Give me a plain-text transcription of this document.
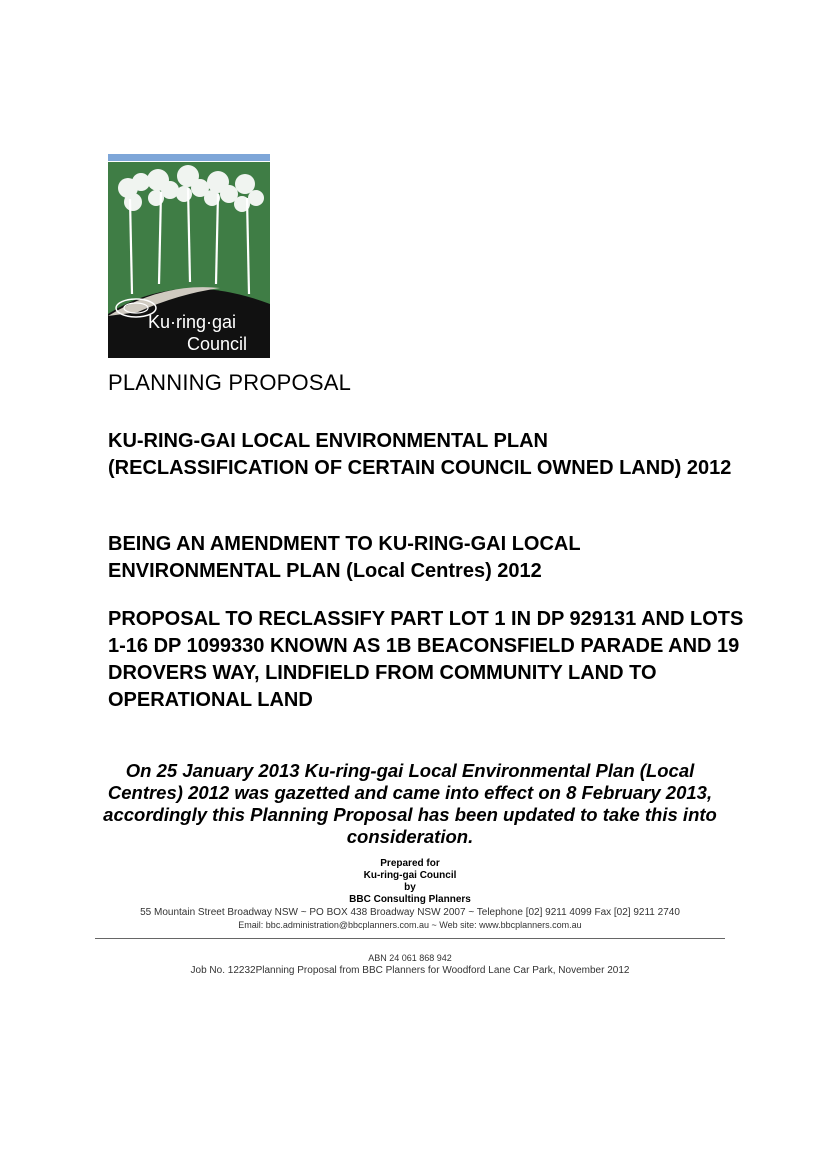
Ku·ring·gai
Council
PLANNING PROPOSAL
KU-RING-GAI LOCAL ENVIRONMENTAL PLAN (RECLASSIFICATION OF CERTAIN COUNCIL OWNED LAND) 2012
BEING AN AMENDMENT TO KU-RING-GAI LOCAL ENVIRONMENTAL PLAN (Local Centres) 2012
PROPOSAL TO RECLASSIFY PART LOT 1 IN DP 929131 AND LOTS 1-16 DP 1099330 KNOWN AS 1B BEACONSFIELD PARADE AND 19 DROVERS WAY, LINDFIELD FROM COMMUNITY LAND TO OPERATIONAL LAND

On 25 January 2013 Ku-ring-gai Local Environmental Plan (Local Centres) 2012 was gazetted and came into effect on 8 February 2013, accordingly this Planning Proposal has been updated to take this into consideration.

Prepared for
Ku-ring-gai Council
by
BBC Consulting Planners
55 Mountain Street Broadway NSW ~ PO BOX 438 Broadway NSW 2007 ~ Telephone [02] 9211 4099 Fax [02] 9211 2740
Email: bbc.administration@bbcplanners.com.au ~ Web site: www.bbcplanners.com.au
ABN 24 061 868 942
Job No. 12232Planning Proposal from BBC Planners for Woodford Lane Car Park, November 2012
